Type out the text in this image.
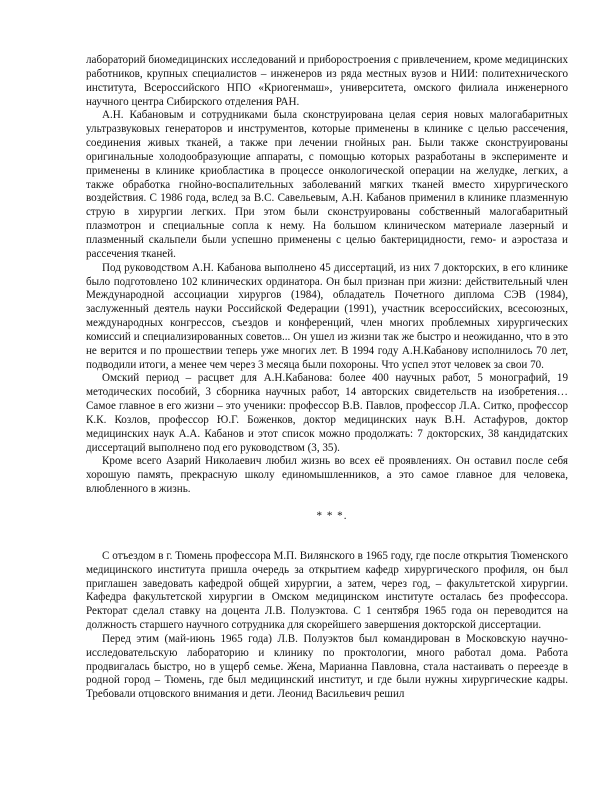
лабораторий биомедицинских исследований и приборостроения с привлечением, кроме медицинских работников, крупных специалистов – инженеров из ряда местных вузов и НИИ: политехнического института, Всероссийского НПО «Криогенмаш», университета, омского филиала инженерного научного центра Сибирского отделения РАН.

А.Н. Кабановым и сотрудниками была сконструирована целая серия новых малогабаритных ультразвуковых генераторов и инструментов, которые применены в клинике с целью рассечения, соединения живых тканей, а также при лечении гнойных ран. Были также сконструированы оригинальные холодообразующие аппараты, с помощью которых разработаны в эксперименте и применены в клинике криобластика в процессе онкологической операции на желудке, легких, а также обработка гнойно-воспалительных заболеваний мягких тканей вместо хирургического воздействия. С 1986 года, вслед за В.С. Савельевым, А.Н. Кабанов применил в клинике плазменную струю в хирургии легких. При этом были сконструированы собственный малогабаритный плазмотрон и специальные сопла к нему. На большом клиническом материале лазерный и плазменный скальпели были успешно применены с целью бактерицидности, гемо- и аэростаза и рассечения тканей.

Под руководством А.Н. Кабанова выполнено 45 диссертаций, из них 7 докторских, в его клинике было подготовлено 102 клинических ординатора. Он был признан при жизни: действительный член Международной ассоциации хирургов (1984), обладатель Почетного диплома СЭВ (1984), заслуженный деятель науки Российской Федерации (1991), участник всероссийских, всесоюзных, международных конгрессов, съездов и конференций, член многих проблемных хирургических комиссий и специализированных советов... Он ушел из жизни так же быстро и неожиданно, что в это не верится и по прошествии теперь уже многих лет. В 1994 году А.Н.Кабанову исполнилось 70 лет, подводили итоги, а менее чем через 3 месяца были похороны. Что успел этот человек за свои 70.

Омский период – расцвет для А.Н.Кабанова: более 400 научных работ, 5 монографий, 19 методических пособий, 3 сборника научных работ, 14 авторских свидетельств на изобретения… Самое главное в его жизни – это ученики: профессор В.В. Павлов, профессор Л.А. Ситко, профессор К.К. Козлов, профессор Ю.Г. Боженков, доктор медицинских наук В.Н. Астафуров, доктор медицинских наук А.А. Кабанов и этот список можно продолжать: 7 докторских, 38 кандидатских диссертаций выполнено под его руководством (3, 35).

Кроме всего Азарий Николаевич любил жизнь во всех её проявлениях. Он оставил после себя хорошую память, прекрасную школу единомышленников, а это самое главное для человека, влюбленного в жизнь.

* * *.

С отъездом в г. Тюмень профессора М.П. Вилянского в 1965 году, где после открытия Тюменского медицинского института пришла очередь за открытием кафедр хирургического профиля, он был приглашен заведовать кафедрой общей хирургии, а затем, через год, – факультетской хирургии. Кафедра факультетской хирургии в Омском медицинском институте осталась без профессора. Ректорат сделал ставку на доцента Л.В. Полуэктова. С 1 сентября 1965 года он переводится на должность старшего научного сотрудника для скорейшего завершения докторской диссертации.

Перед этим (май-июнь 1965 года) Л.В. Полуэктов был командирован в Московскую научно-исследовательскую лабораторию и клинику по проктологии, много работал дома. Работа продвигалась быстро, но в ущерб семье. Жена, Марианна Павловна, стала настаивать о переезде в родной город – Тюмень, где был медицинский институт, и где были нужны хирургические кадры. Требовали отцовского внимания и дети. Леонид Васильевич решил
